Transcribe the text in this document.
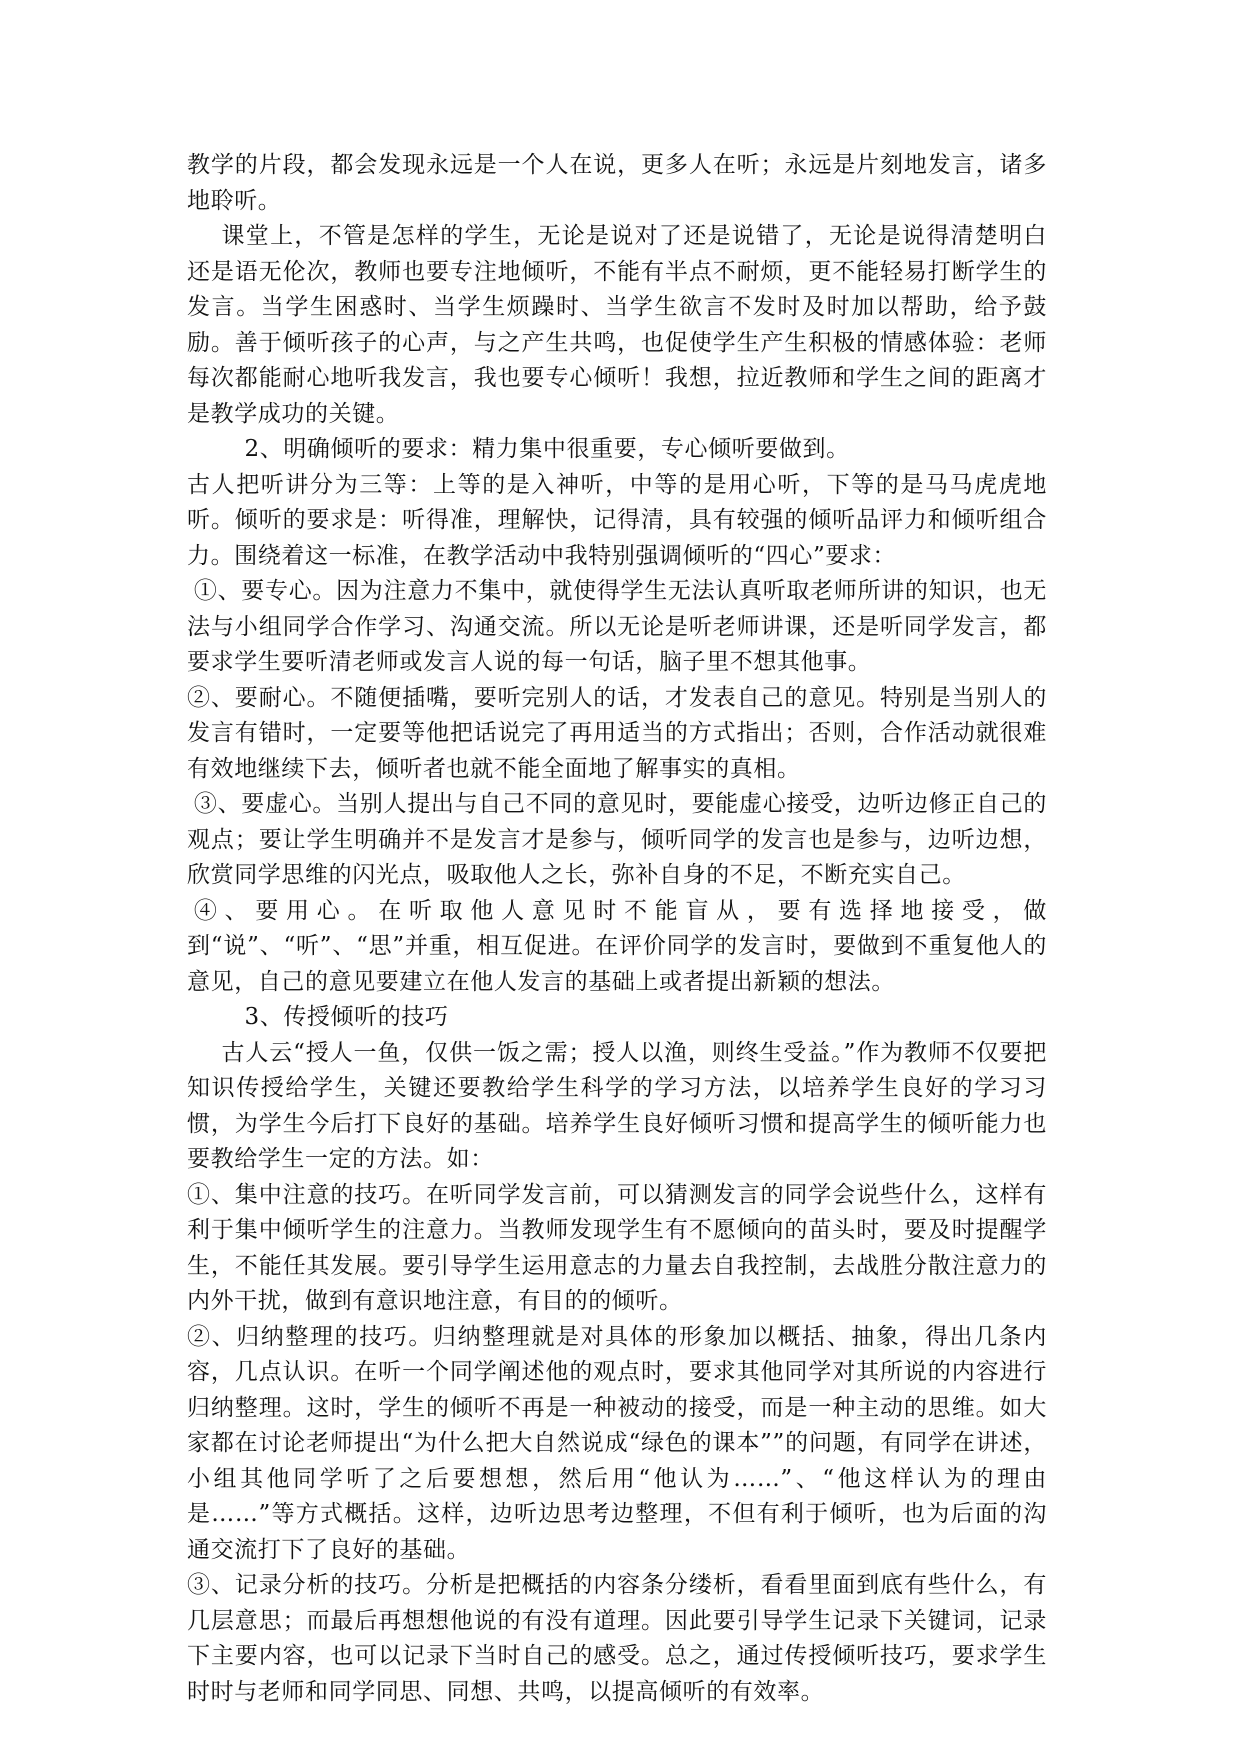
教学的片段，都会发现永远是一个人在说，更多人在听；永远是片刻地发言，诸多地聆听。

课堂上，不管是怎样的学生，无论是说对了还是说错了，无论是说得清楚明白还是语无伦次，教师也要专注地倾听，不能有半点不耐烦，更不能轻易打断学生的发言。当学生困惑时、当学生烦躁时、当学生欲言不发时及时加以帮助，给予鼓励。善于倾听孩子的心声，与之产生共鸣，也促使学生产生积极的情感体验：老师每次都能耐心地听我发言，我也要专心倾听！我想，拉近教师和学生之间的距离才是教学成功的关键。

2、明确倾听的要求：精力集中很重要，专心倾听要做到。

古人把听讲分为三等：上等的是入神听，中等的是用心听，下等的是马马虎虎地听。倾听的要求是：听得准，理解快，记得清，具有较强的倾听品评力和倾听组合力。围绕着这一标准，在教学活动中我特别强调倾听的“四心”要求：

①、要专心。因为注意力不集中，就使得学生无法认真听取老师所讲的知识，也无法与小组同学合作学习、沟通交流。所以无论是听老师讲课，还是听同学发言，都要求学生要听清老师或发言人说的每一句话，脑子里不想其他事。

②、要耐心。不随便插嘴，要听完别人的话，才发表自己的意见。特别是当别人的发言有错时，一定要等他把话说完了再用适当的方式指出；否则，合作活动就很难有效地继续下去，倾听者也就不能全面地了解事实的真相。

③、要虚心。当别人提出与自己不同的意见时，要能虚心接受，边听边修正自己的观点；要让学生明确并不是发言才是参与，倾听同学的发言也是参与，边听边想，欣赏同学思维的闪光点，吸取他人之长，弥补自身的不足，不断充实自己。

④、要用心。在听取他人意见时不能盲从，要有选择地接受，做到“说”、“听”、“思”并重，相互促进。在评价同学的发言时，要做到不重复他人的意见，自己的意见要建立在他人发言的基础上或者提出新颖的想法。

3、传授倾听的技巧

古人云“授人一鱼，仅供一饭之需；授人以渔，则终生受益。”作为教师不仅要把知识传授给学生，关键还要教给学生科学的学习方法，以培养学生良好的学习习惯，为学生今后打下良好的基础。培养学生良好倾听习惯和提高学生的倾听能力也要教给学生一定的方法。如：

①、集中注意的技巧。在听同学发言前，可以猜测发言的同学会说些什么，这样有利于集中倾听学生的注意力。当教师发现学生有不愿倾向的苗头时，要及时提醒学生，不能任其发展。要引导学生运用意志的力量去自我控制，去战胜分散注意力的内外干扰，做到有意识地注意，有目的的倾听。

②、归纳整理的技巧。归纳整理就是对具体的形象加以概括、抽象，得出几条内容，几点认识。在听一个同学阐述他的观点时，要求其他同学对其所说的内容进行归纳整理。这时，学生的倾听不再是一种被动的接受，而是一种主动的思维。如大家都在讨论老师提出“为什么把大自然说成“绿色的课本””的问题，有同学在讲述，小组其他同学听了之后要想想，然后用“他认为……”、“他这样认为的理由是……”等方式概括。这样，边听边思考边整理，不但有利于倾听，也为后面的沟通交流打下了良好的基础。

③、记录分析的技巧。分析是把概括的内容条分缕析，看看里面到底有些什么，有几层意思；而最后再想想他说的有没有道理。因此要引导学生记录下关键词，记录下主要内容，也可以记录下当时自己的感受。总之，通过传授倾听技巧，要求学生时时与老师和同学同思、同想、共鸣，以提高倾听的有效率。
